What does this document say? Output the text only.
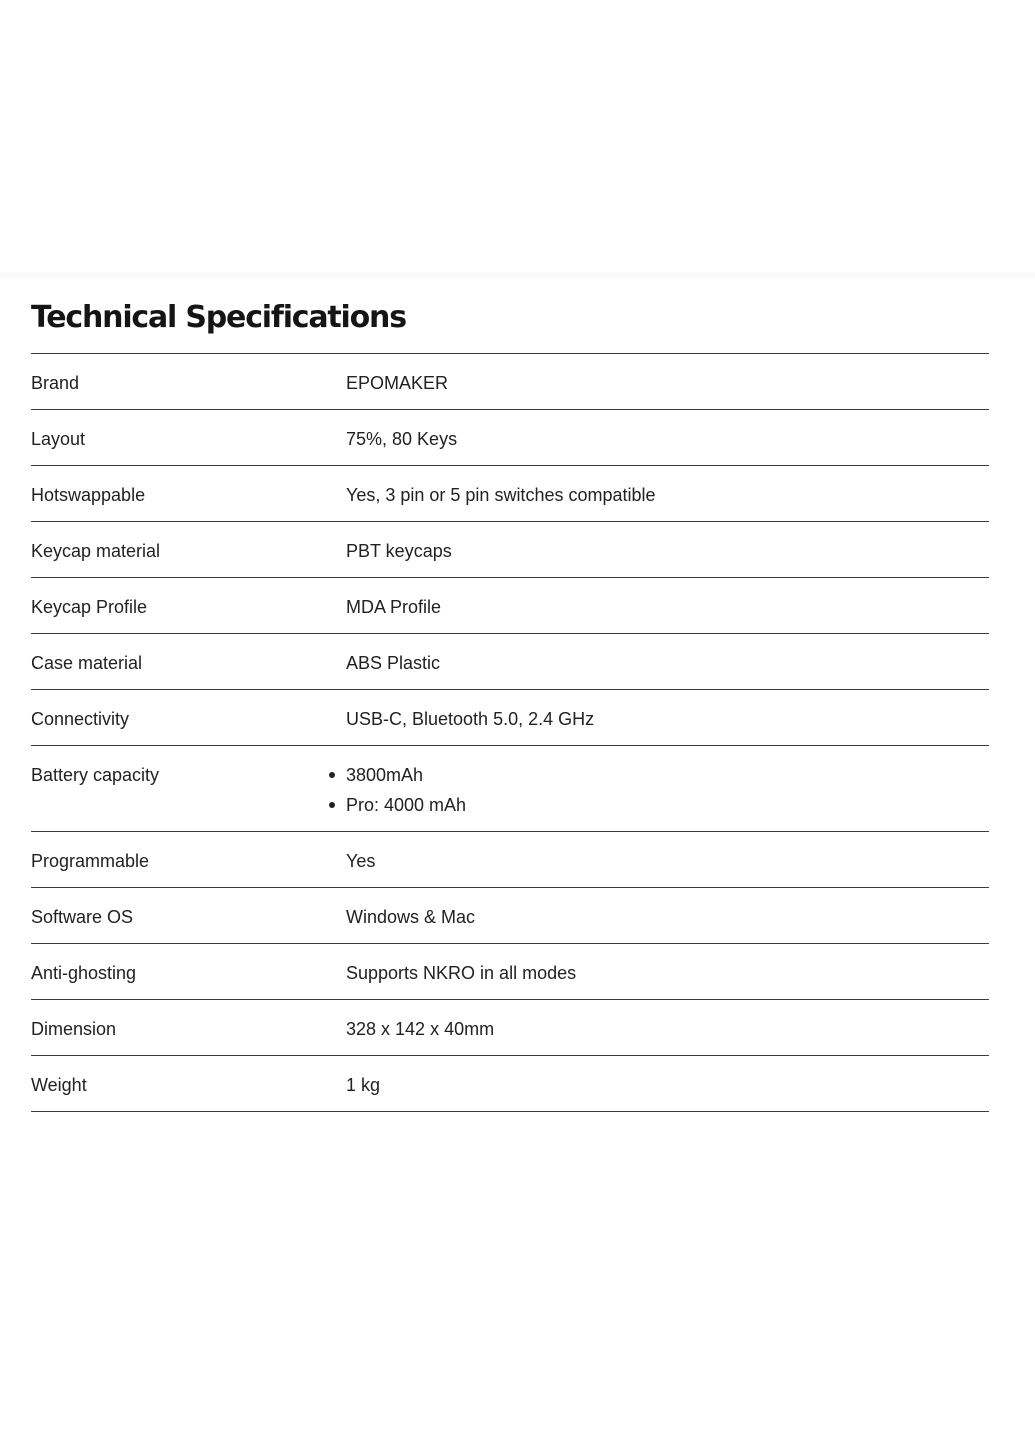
Technical Specifications
Brand	EPOMAKER
Layout	75%, 80 Keys
Hotswappable	Yes, 3 pin or 5 pin switches compatible
Keycap material	PBT keycaps
Keycap Profile	MDA Profile
Case material	ABS Plastic
Connectivity	USB-C, Bluetooth 5.0, 2.4 GHz
Battery capacity	3800mAh
Pro: 4000 mAh
Programmable	Yes
Software OS	Windows & Mac
Anti-ghosting	Supports NKRO in all modes
Dimension	328 x 142 x 40mm
Weight	1 kg
